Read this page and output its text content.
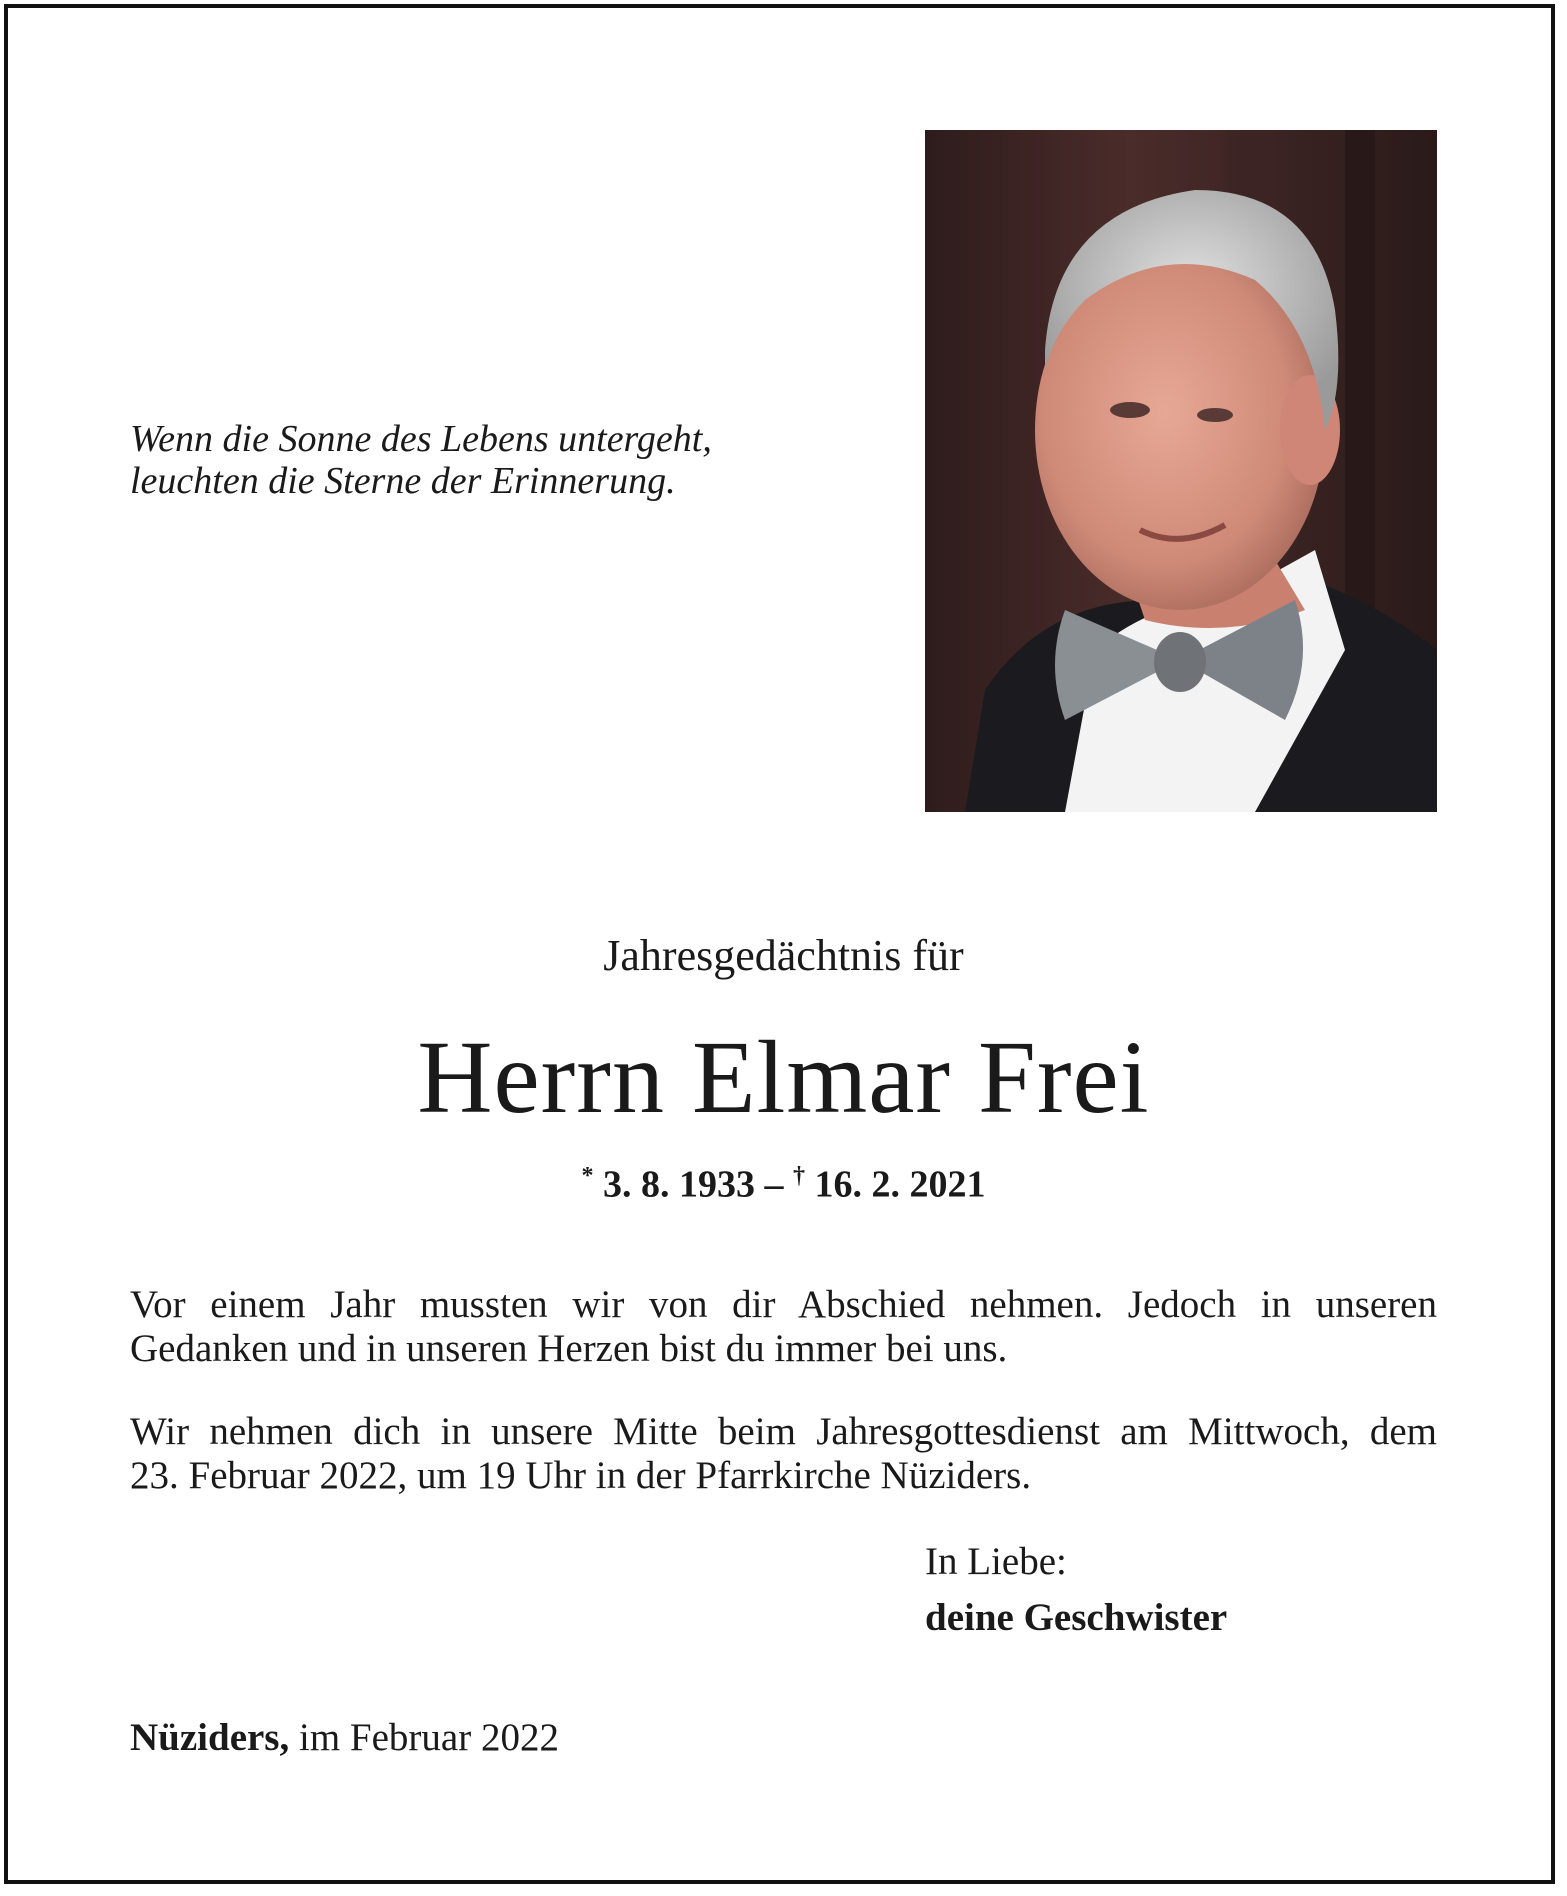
Wenn die Sonne des Lebens untergeht,
leuchten die Sterne der Erinnerung.
Jahresgedächtnis für
Herrn Elmar Frei
* 3. 8. 1933 – † 16. 2. 2021
Vor einem Jahr mussten wir von dir Abschied nehmen. Jedoch in unseren
Gedanken und in unseren Herzen bist du immer bei uns.
Wir nehmen dich in unsere Mitte beim Jahresgottesdienst am Mittwoch, dem
23. Februar 2022, um 19 Uhr in der Pfarrkirche Nüziders.
In Liebe:
deine Geschwister
Nüziders, im Februar 2022
